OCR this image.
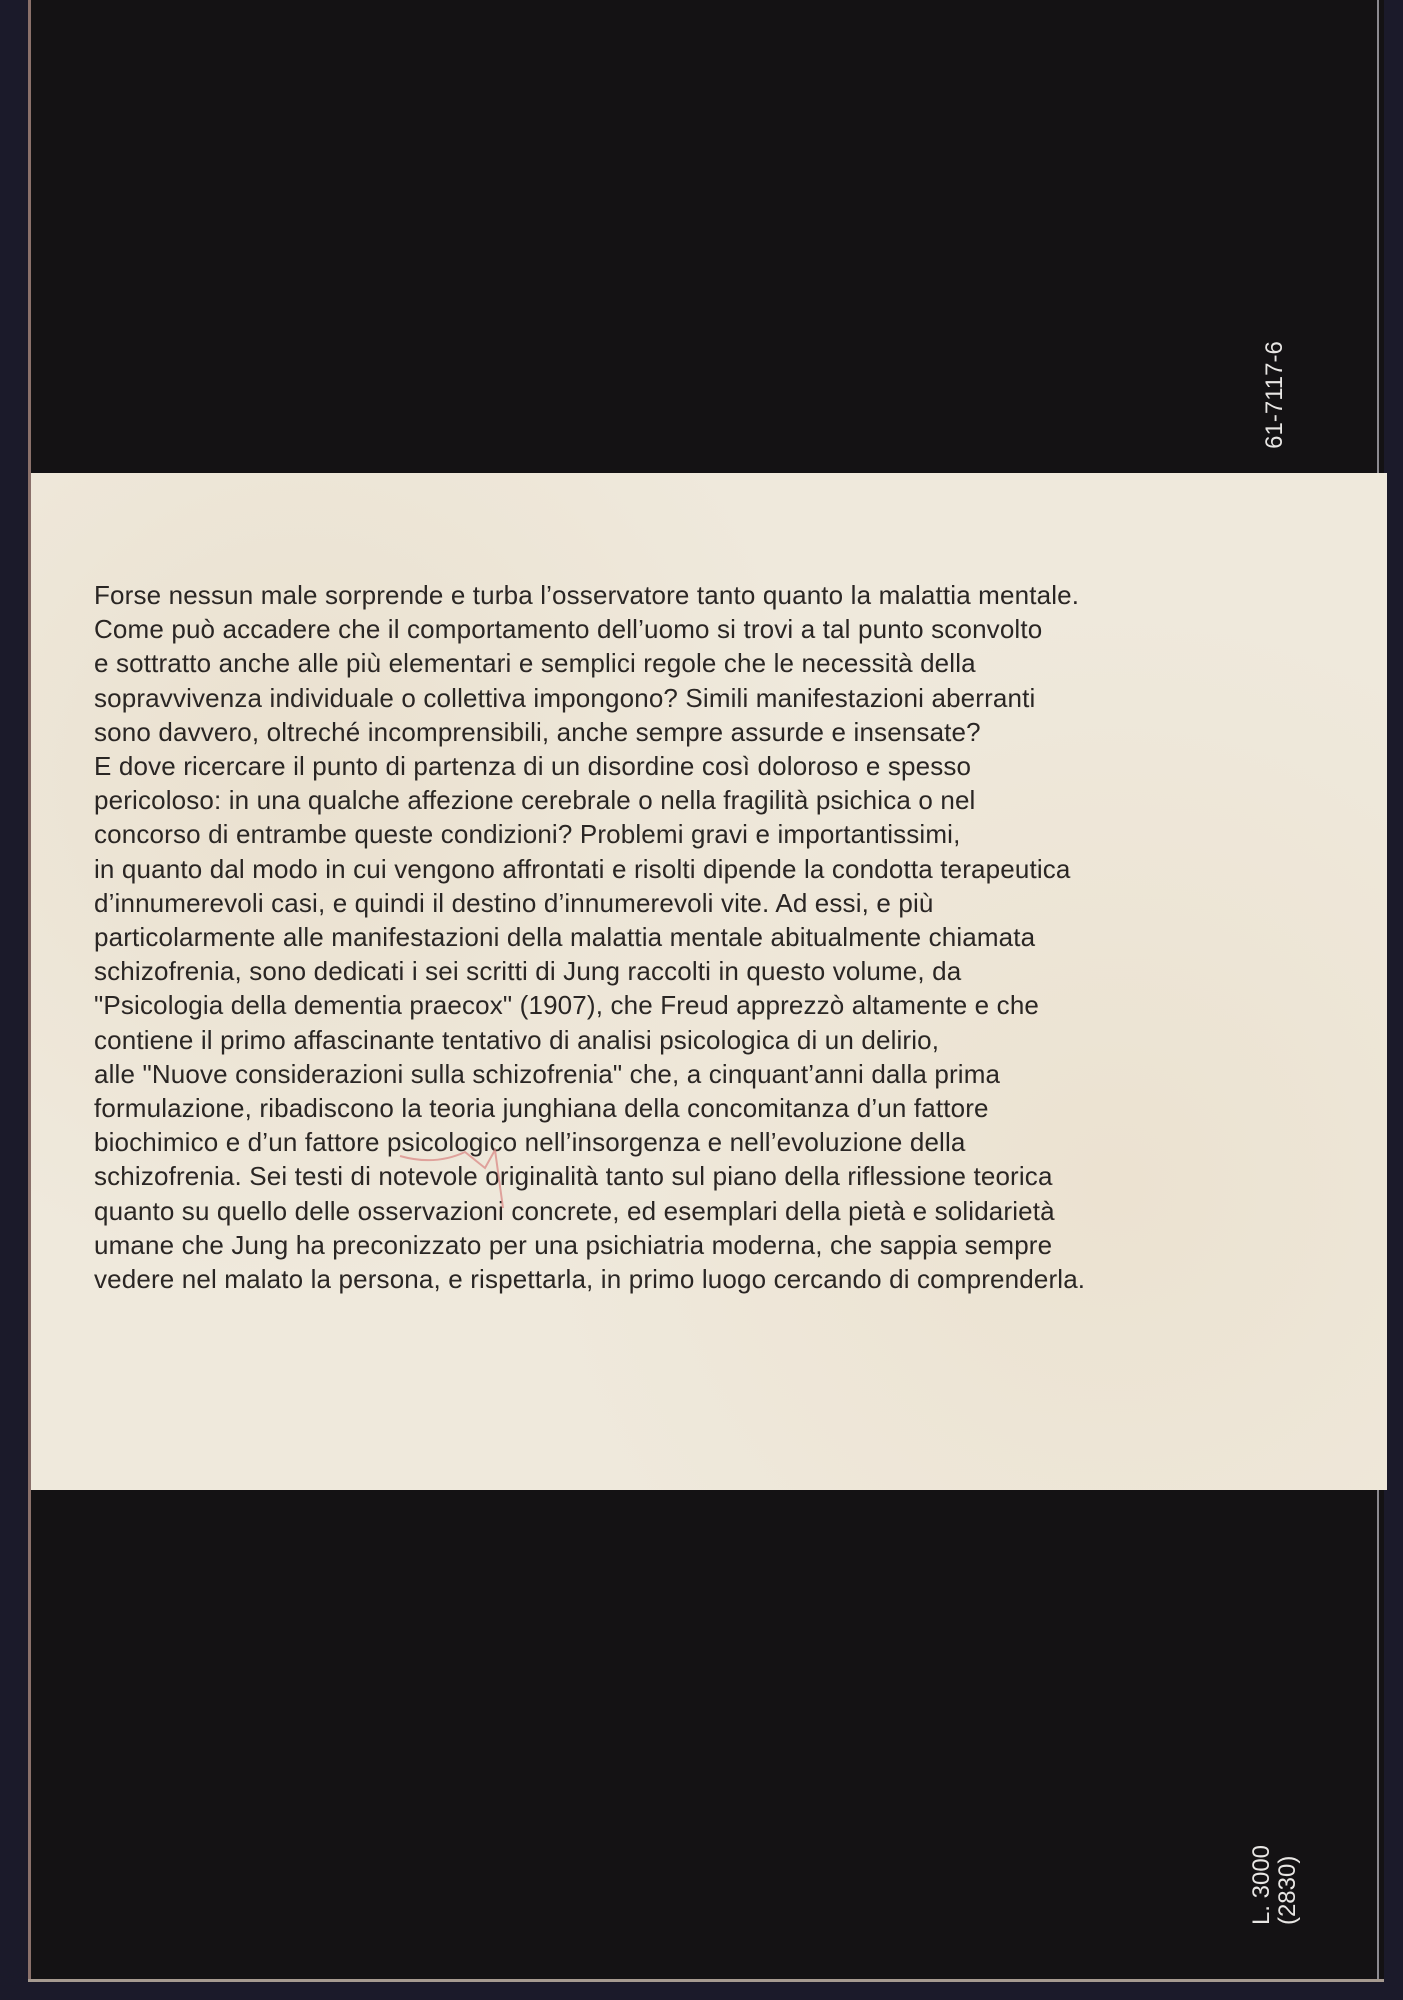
61-7117-6
Forse nessun male sorprende e turba l’osservatore tanto quanto la malattia mentale.
Come può accadere che il comportamento dell’uomo si trovi a tal punto sconvolto
e sottratto anche alle più elementari e semplici regole che le necessità della
sopravvivenza individuale o collettiva impongono? Simili manifestazioni aberranti
sono davvero, oltreché incomprensibili, anche sempre assurde e insensate?
E dove ricercare il punto di partenza di un disordine così doloroso e spesso
pericoloso: in una qualche affezione cerebrale o nella fragilità psichica o nel
concorso di entrambe queste condizioni? Problemi gravi e importantissimi,
in quanto dal modo in cui vengono affrontati e risolti dipende la condotta terapeutica
d’innumerevoli casi, e quindi il destino d’innumerevoli vite. Ad essi, e più
particolarmente alle manifestazioni della malattia mentale abitualmente chiamata
schizofrenia, sono dedicati i sei scritti di Jung raccolti in questo volume, da
"Psicologia della dementia praecox" (1907), che Freud apprezzò altamente e che
contiene il primo affascinante tentativo di analisi psicologica di un delirio,
alle "Nuove considerazioni sulla schizofrenia" che, a cinquant’anni dalla prima
formulazione, ribadiscono la teoria junghiana della concomitanza d’un fattore
biochimico e d’un fattore psicologico nell’insorgenza e nell’evoluzione della
schizofrenia. Sei testi di notevole originalità tanto sul piano della riflessione teorica
quanto su quello delle osservazioni concrete, ed esemplari della pietà e solidarietà
umane che Jung ha preconizzato per una psichiatria moderna, che sappia sempre
vedere nel malato la persona, e rispettarla, in primo luogo cercando di comprenderla.
L. 3000 (2830)
